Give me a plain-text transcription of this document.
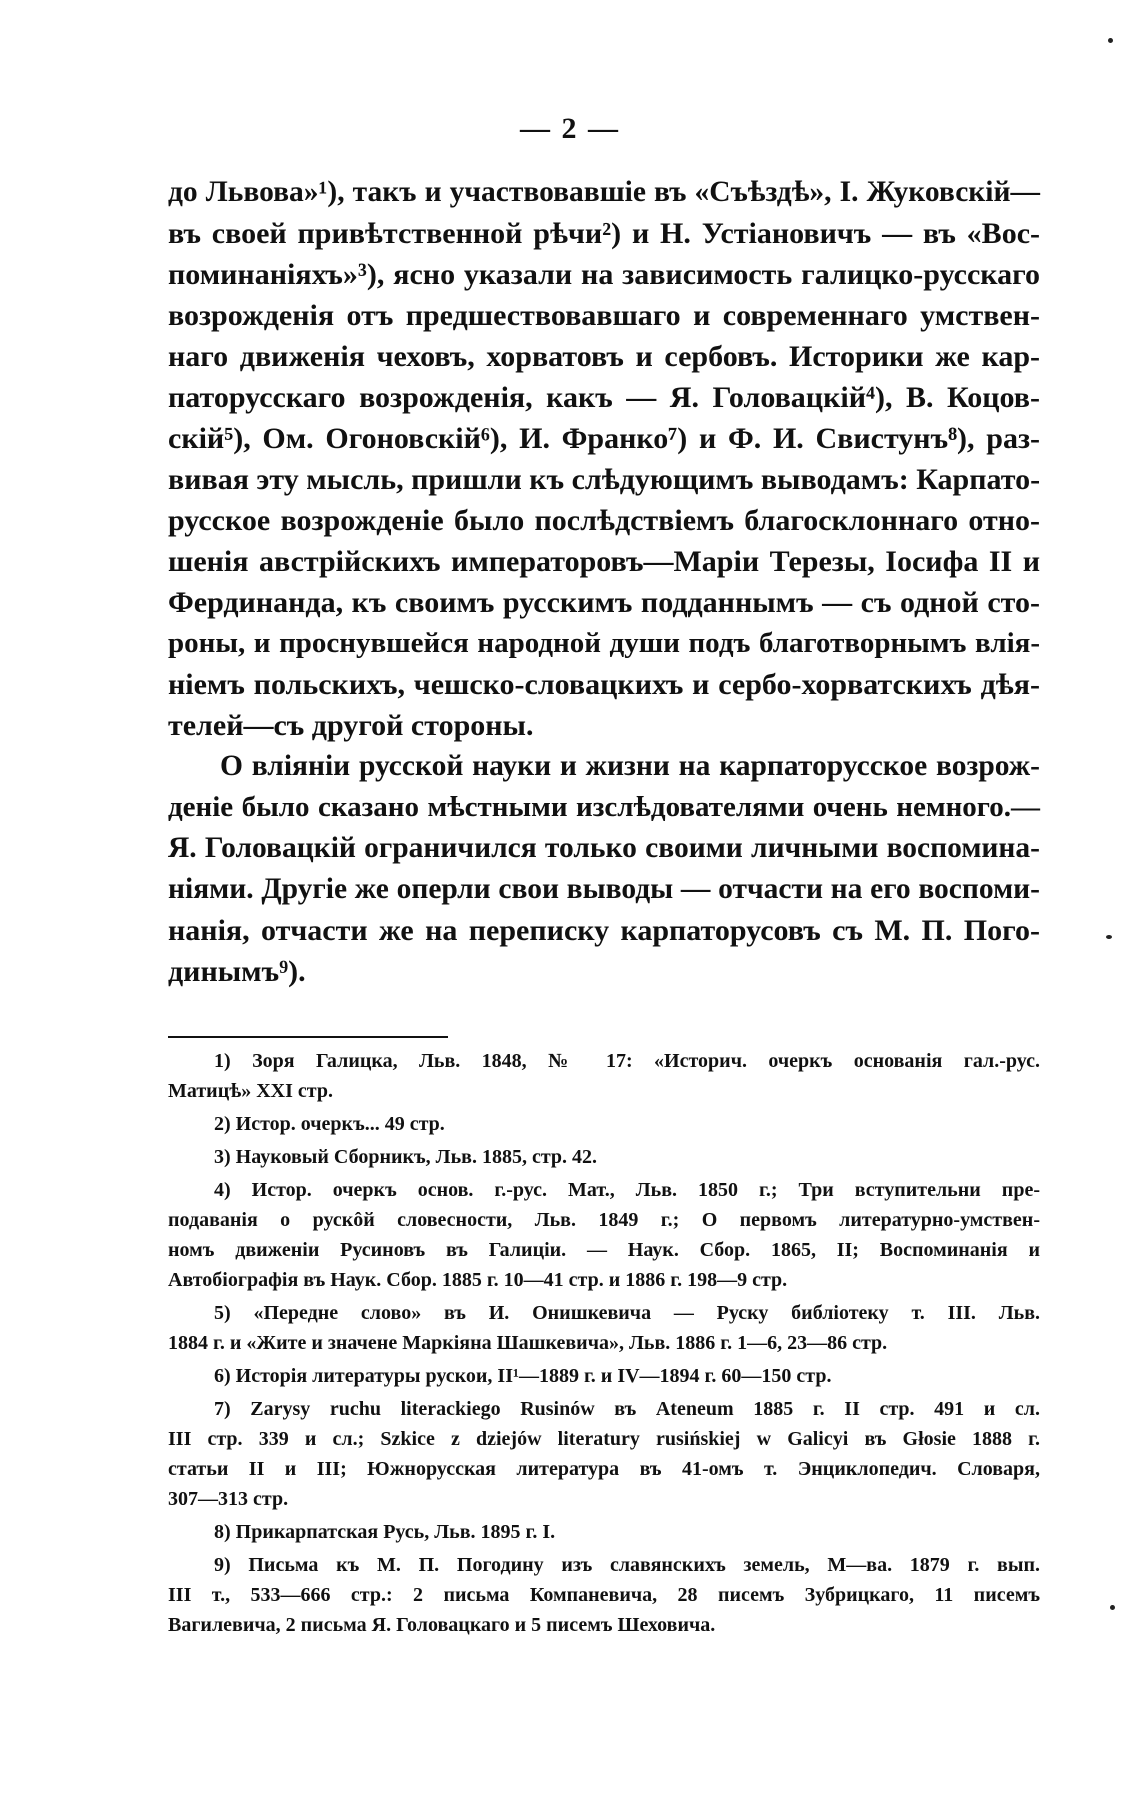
— 2 —
до Львова»¹), такъ и участвовавшіе въ «Съѣздѣ», І. Жуковскій—
въ своей привѣтственной рѣчи²) и Н. Устіановичъ — въ «Вос-
поминаніяхъ»³), ясно указали на зависимость галицко-русскаго
возрожденія отъ предшествовавшаго и современнаго умствен-
наго движенія чеховъ, хорватовъ и сербовъ. Историки же кар-
паторусскаго возрожденія, какъ — Я. Головацкій⁴), В. Коцов-
скій⁵), Ом. Огоновскій⁶), И. Франко⁷) и Ф. И. Свистунъ⁸), раз-
вивая эту мысль, пришли къ слѣдующимъ выводамъ: Карпато-
русское возрожденіе было послѣдствіемъ благосклоннаго отно-
шенія австрійскихъ императоровъ—Маріи Терезы, Іосифа II и
Фердинанда, къ своимъ русскимъ подданнымъ — съ одной сто-
роны, и проснувшейся народной души подъ благотворнымъ влія-
ніемъ польскихъ, чешско-словацкихъ и сербо-хорватскихъ дѣя-
телей—съ другой стороны.
О вліяніи русской науки и жизни на карпаторусское возрож-
деніе было сказано мѣстными изслѣдователями очень немного.—
Я. Головацкій ограничился только своими личными воспомина-
ніями. Другіе же оперли свои выводы — отчасти на его воспоми-
нанія, отчасти же на переписку карпаторусовъ съ М. П. Пого-
динымъ⁹).
1) Зоря Галицка, Льв. 1848, № 17: «Историч. очеркъ основанія гал.-рус.
Матицѣ» XXI стр.
2) Истор. очеркъ... 49 стр.
3) Науковый Сборникъ, Льв. 1885, стр. 42.
4) Истор. очеркъ основ. г.-рус. Мат., Льв. 1850 г.; Три вступительни пре-
подаванія о рускôй словесности, Льв. 1849 г.; О первомъ литературно-умствен-
номъ движеніи Русиновъ въ Галиціи. — Наук. Сбор. 1865, II; Воспоминанія и
Автобіографія въ Наук. Сбор. 1885 г. 10—41 стр. и 1886 г. 198—9 стр.
5) «Передне слово» въ И. Онишкевича — Руску библіотеку т. III. Льв.
1884 г. и «Жите и значене Маркіяна Шашкевича», Льв. 1886 г. 1—6, 23—86 стр.
6) Исторія литературы рускои, II¹—1889 г. и IV—1894 г. 60—150 стр.
7) Zarysy ruchu literackiego Rusinów въ Ateneum 1885 г. II стр. 491 и сл.
III стр. 339 и сл.; Szkice z dziejów literatury rusińskiej w Galicyi въ Głosie 1888 г.
статьи II и III; Южнорусская литература въ 41-омъ т. Энциклопедич. Словаря,
307—313 стр.
8) Прикарпатская Русь, Льв. 1895 г. I.
9) Письма къ М. П. Погодину изъ славянскихъ земель, М—ва. 1879 г. вып.
III т., 533—666 стр.: 2 письма Компаневича, 28 писемъ Зубрицкаго, 11 писемъ
Вагилевича, 2 письма Я. Головацкаго и 5 писемъ Шеховича.
